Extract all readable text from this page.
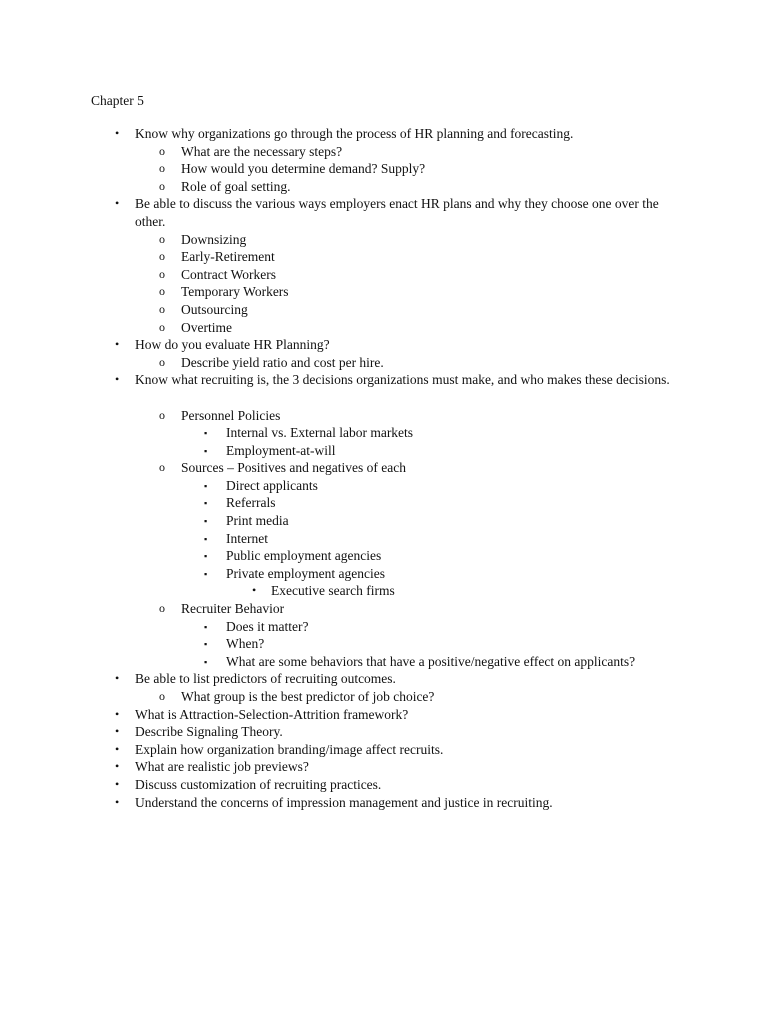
Chapter 5

•	Know why organizations go through the process of HR planning and forecasting.
o	What are the necessary steps?
o	How would you determine demand? Supply?
o	Role of goal setting.
•	Be able to discuss the various ways employers enact HR plans and why they choose one over the other.
o	Downsizing
o	Early-Retirement
o	Contract Workers
o	Temporary Workers
o	Outsourcing
o	Overtime
•	How do you evaluate HR Planning?
o	Describe yield ratio and cost per hire.
•	Know what recruiting is, the 3 decisions organizations must make, and who makes these decisions.
o	Personnel Policies
▪	Internal vs. External labor markets
▪	Employment-at-will
o	Sources – Positives and negatives of each
▪	Direct applicants
▪	Referrals
▪	Print media
▪	Internet
▪	Public employment agencies
▪	Private employment agencies
•	Executive search firms
o	Recruiter Behavior
▪	Does it matter?
▪	When?
▪	What are some behaviors that have a positive/negative effect on applicants?
•	Be able to list predictors of recruiting outcomes.
o	What group is the best predictor of job choice?
•	What is Attraction-Selection-Attrition framework?
•	Describe Signaling Theory.
•	Explain how organization branding/image affect recruits.
•	What are realistic job previews?
•	Discuss customization of recruiting practices.
•	Understand the concerns of impression management and justice in recruiting.
